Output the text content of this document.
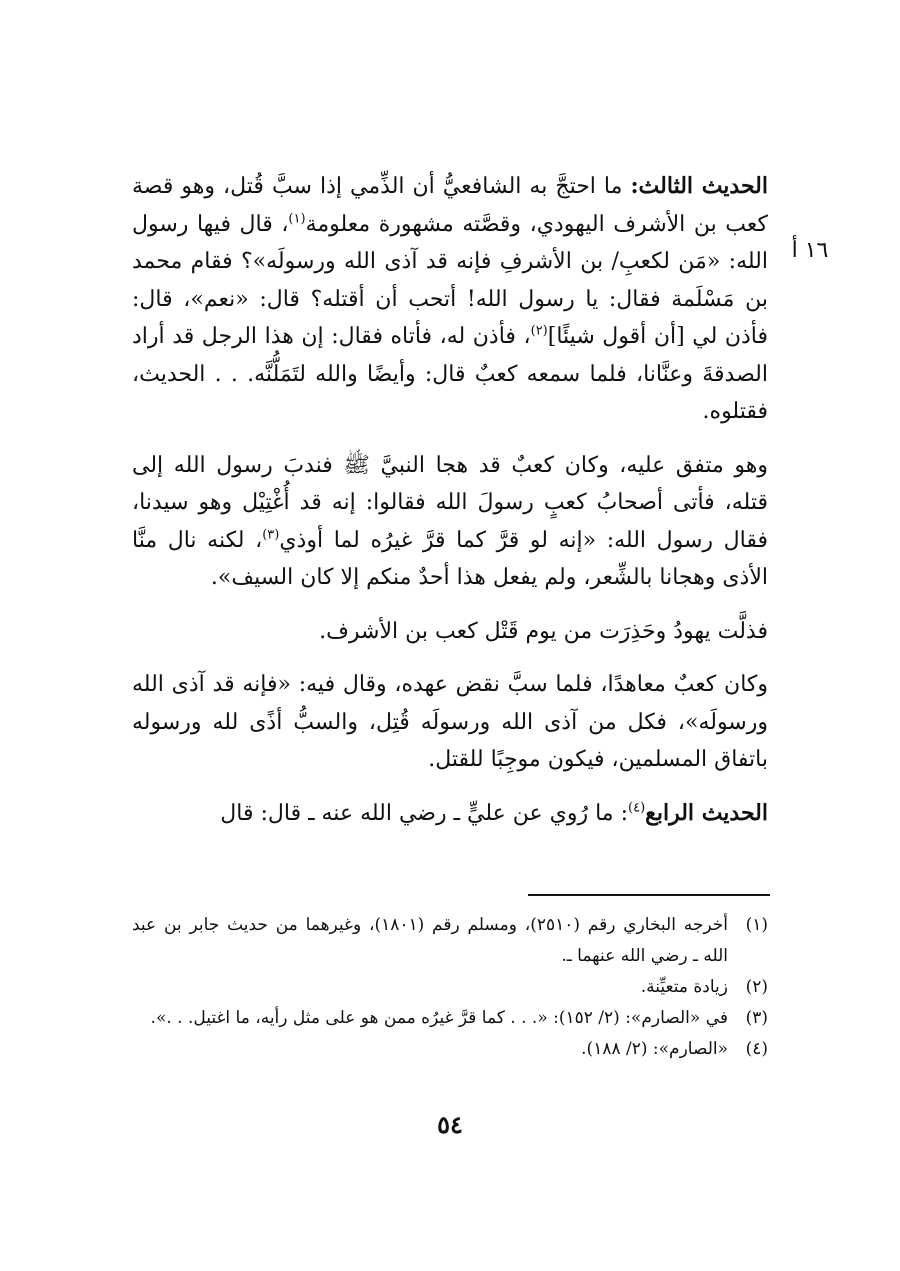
١٦ أ

الحديث الثالث: ما احتجَّ به الشافعيُّ أن الذِّمي إذا سبَّ قُتل، وهو قصة كعب بن الأشرف اليهودي، وقصَّته مشهورة معلومة$^{(١)}$، قال فيها رسول الله: «مَن لكعبِ/ بن الأشرفِ فإنه قد آذى الله ورسولَه»؟ فقام محمد بن مَسْلَمة فقال: يا رسول الله! أتحب أن أقتله؟ قال: «نعم»، قال: فأذن لي [أن أقول شيئًا]$^{(٢)}$، فأذن له، فأتاه فقال: إن هذا الرجل قد أراد الصدقةَ وعنَّانا، فلما سمعه كعبٌ قال: وأيضًا والله لتَمَلُّنَّه. . . الحديث، فقتلوه.

وهو متفق عليه، وكان كعبٌ قد هجا النبيَّ ﷺ فندبَ رسول الله إلى قتله، فأتى أصحابُ كعبٍ رسولَ الله فقالوا: إنه قد أُغْتِيْل وهو سيدنا، فقال رسول الله: «إنه لو قرَّ كما قرَّ غيرُه لما أوذي$^{(٣)}$، لكنه نال منَّا الأذى وهجانا بالشِّعر، ولم يفعل هذا أحدٌ منكم إلا كان السيف».

فذلَّت يهودُ وحَذِرَت من يوم قَتْل كعب بن الأشرف.

وكان كعبٌ معاهدًا، فلما سبَّ نقض عهده، وقال فيه: «فإنه قد آذى الله ورسولَه»، فكل من آذى الله ورسولَه قُتِل، والسبُّ أذًى لله ورسوله باتفاق المسلمين، فيكون موجِبًا للقتل.

الحديث الرابع$^{(٤)}$: ما رُوي عن عليٍّ ـ رضي الله عنه ـ قال: قال

(١)
أخرجه البخاري رقم (٢٥١٠)، ومسلم رقم (١٨٠١)، وغيرهما من حديث جابر بن عبد الله ـ رضي الله عنهما ـ.
(٢)
زيادة متعيِّنة.
(٣)
في «الصارم»: (٢/ ١٥٢): «. . . كما قرَّ غيرُه ممن هو على مثل رأيه، ما اغتيل. . .».
(٤)
«الصارم»: (٢/ ١٨٨).
٥٤
